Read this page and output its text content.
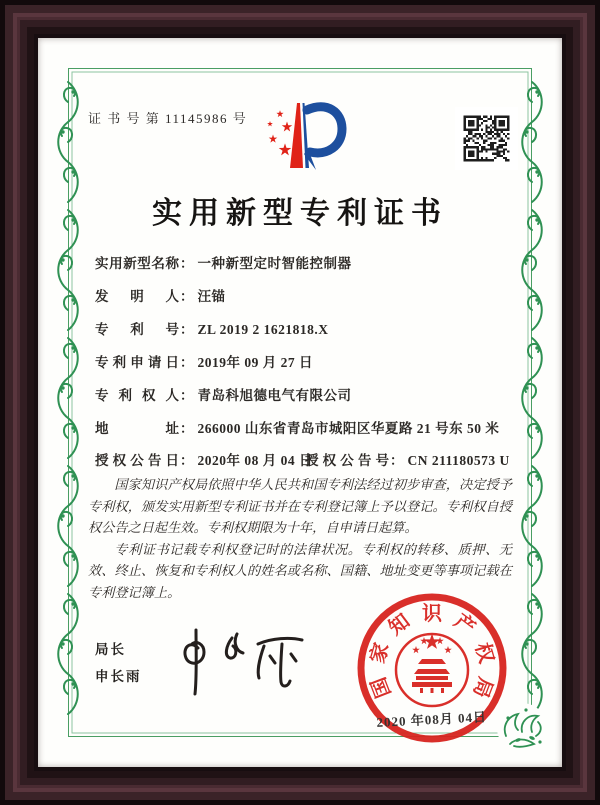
证 书 号 第 11145986 号
实用新型专利证书
实用新型名称： 一种新型定时智能控制器
发明人： 汪锚
专利号： ZL 2019 2 1621818.X
专利申请日： 2019年 09 月 27 日
专利权人： 青岛科旭德电气有限公司
地址： 266000 山东省青岛市城阳区华夏路 21 号东 50 米
授权公告日： 2020年 08 月 04 日
授权公告号： CN 211180573 U

国家知识产权局依照中华人民共和国专利法经过初步审查，决定授予专利权，颁发实用新型专利证书并在专利登记簿上予以登记。专利权自授权公告之日起生效。专利权期限为十年，自申请日起算。

专利证书记载专利权登记时的法律状况。专利权的转移、质押、无效、终止、恢复和专利权人的姓名或名称、国籍、地址变更等事项记载在专利登记簿上。

局长
申长雨	国
家
知 识 产
权
局
2020 年08月 04日
